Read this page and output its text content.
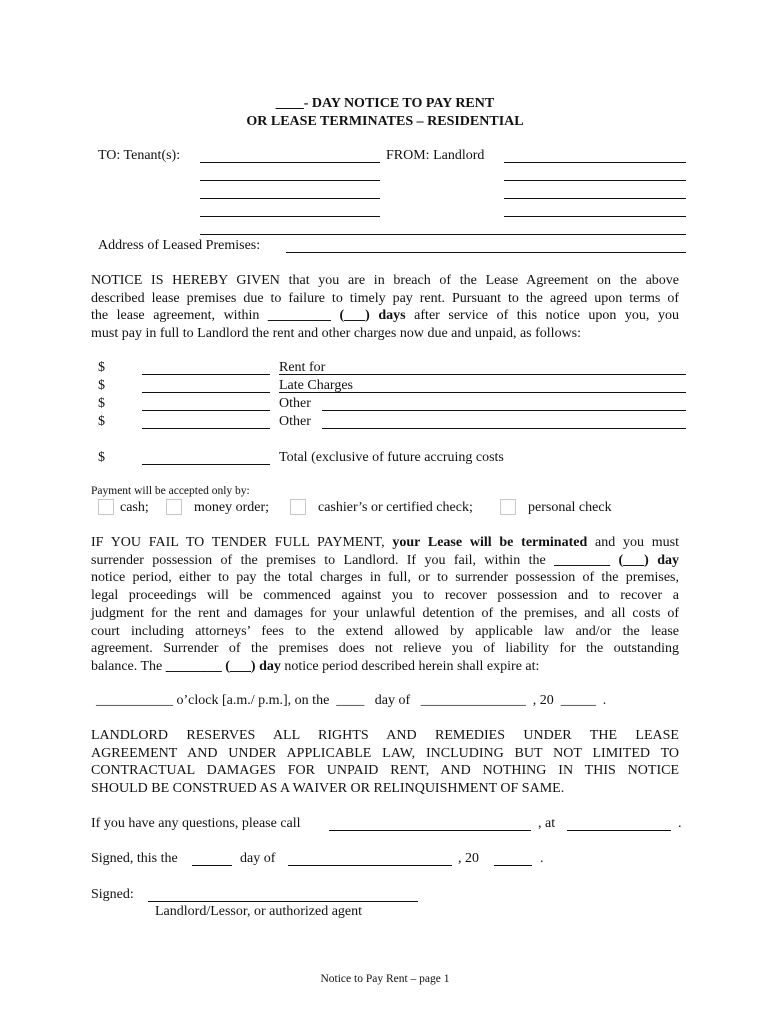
____- DAY NOTICE TO PAY RENT
OR LEASE TERMINATES – RESIDENTIAL
TO: Tenant(s):	FROM: Landlord
Address of Leased Premises:
NOTICE IS HEREBY GIVEN that you are in breach of the Lease Agreement on the above
described lease premises due to failure to timely pay rent. Pursuant to the agreed upon terms of
the lease agreement, within _________ (___) days after service of this notice upon you, you
must pay in full to Landlord the rent and other charges now due and unpaid, as follows:
$	Rent for
$	Late Charges
$	Other
$	Other
$	Total (exclusive of future accruing costs
Payment will be accepted only by:
cash;	money order;	cashier’s or certified check;	personal check
IF YOU FAIL TO TENDER FULL PAYMENT, your Lease will be terminated and you must
surrender possession of the premises to Landlord. If you fail, within the ________ (___) day
notice period, either to pay the total charges in full, or to surrender possession of the premises,
legal proceedings will be commenced against you to recover possession and to recover a
judgment for the rent and damages for your unlawful detention of the premises, and all costs of
court including attorneys’ fees to the extend allowed by applicable law and/or the lease
agreement. Surrender of the premises does not relieve you of liability for the outstanding
balance. The ________ (___) day notice period described herein shall expire at:
___________ o’clock [a.m./ p.m.], on the ____ day of _______________ , 20 _____ .
LANDLORD RESERVES ALL RIGHTS AND REMEDIES UNDER THE LEASE
AGREEMENT AND UNDER APPLICABLE LAW, INCLUDING BUT NOT LIMITED TO
CONTRACTUAL DAMAGES FOR UNPAID RENT, AND NOTHING IN THIS NOTICE
SHOULD BE CONSTRUED AS A WAIVER OR RELINQUISHMENT OF SAME.
If you have any questions, please call	, at	.
Signed, this the	day of	, 20	.
Signed:
Landlord/Lessor, or authorized agent
Notice to Pay Rent – page 1
